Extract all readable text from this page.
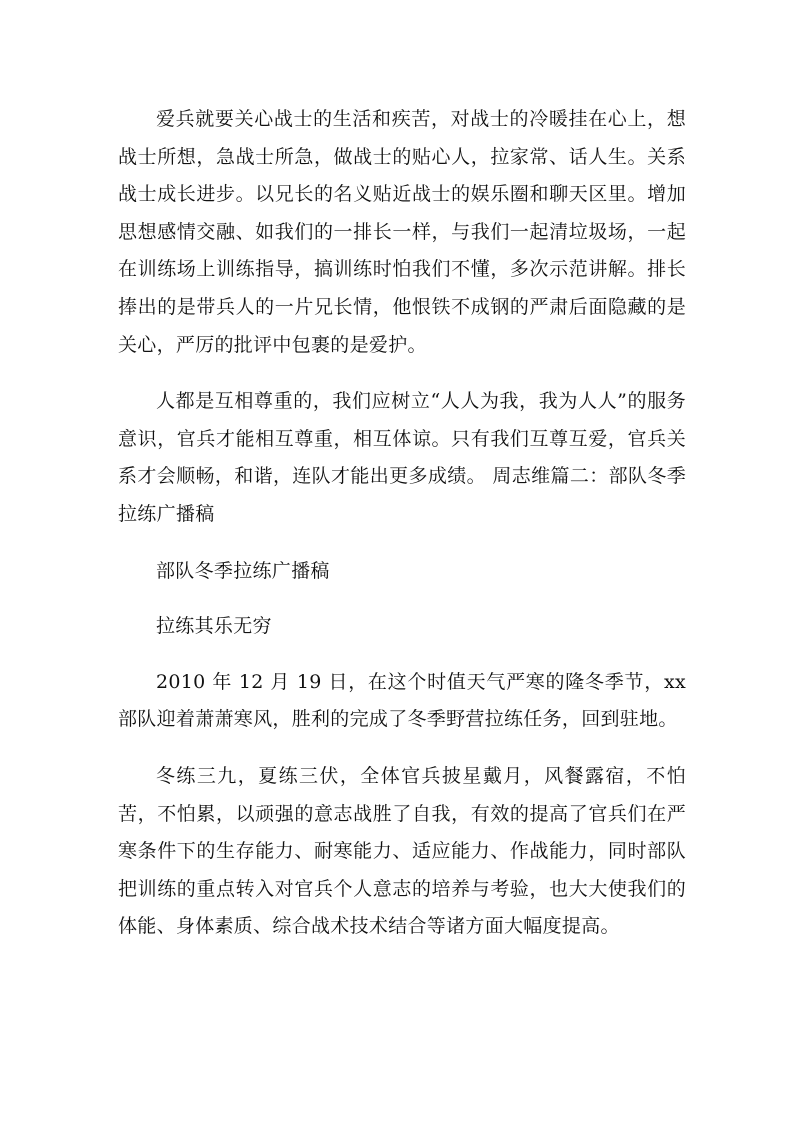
爱兵就要关心战士的生活和疾苦，对战士的冷暖挂在心上，想战士所想，急战士所急，做战士的贴心人，拉家常、话人生。关系战士成长进步。以兄长的名义贴近战士的娱乐圈和聊天区里。增加思想感情交融、如我们的一排长一样，与我们一起清垃圾场，一起在训练场上训练指导，搞训练时怕我们不懂，多次示范讲解。排长捧出的是带兵人的一片兄长情，他恨铁不成钢的严肃后面隐藏的是关心，严厉的批评中包裹的是爱护。

人都是互相尊重的，我们应树立“人人为我，我为人人”的服务意识，官兵才能相互尊重，相互体谅。只有我们互尊互爱，官兵关系才会顺畅，和谐，连队才能出更多成绩。 周志维篇二：部队冬季拉练广播稿

部队冬季拉练广播稿

拉练其乐无穷

2010 年 12 月 19 日，在这个时值天气严寒的隆冬季节，xx 部队迎着萧萧寒风，胜利的完成了冬季野营拉练任务，回到驻地。

冬练三九，夏练三伏，全体官兵披星戴月，风餐露宿，不怕苦，不怕累，以顽强的意志战胜了自我，有效的提高了官兵们在严寒条件下的生存能力、耐寒能力、适应能力、作战能力，同时部队把训练的重点转入对官兵个人意志的培养与考验，也大大使我们的体能、身体素质、综合战术技术结合等诸方面大幅度提高。
